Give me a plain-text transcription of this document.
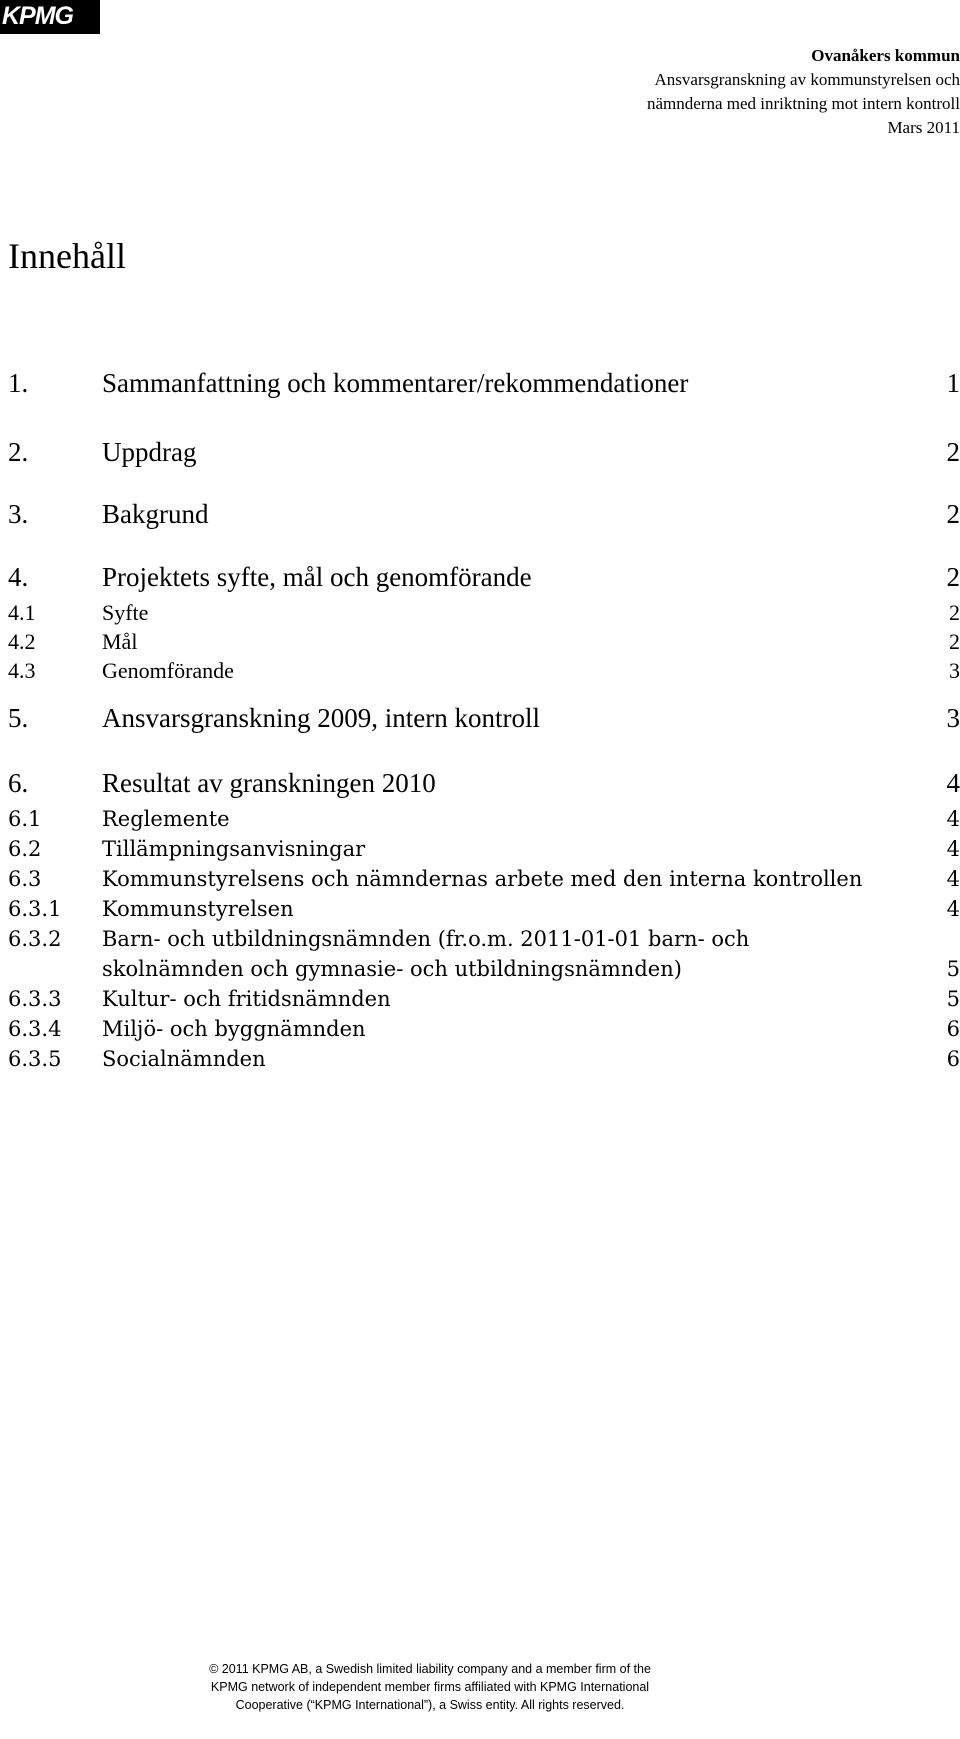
KPMG
Ovanåkers kommun
Ansvarsgranskning av kommunstyrelsen och
nämnderna med inriktning mot intern kontroll
Mars 2011
Innehåll
1.	Sammanfattning och kommentarer/rekommendationer	1
2.	Uppdrag	2
3.	Bakgrund	2
4.	Projektets syfte, mål och genomförande	2
4.1	Syfte	2
4.2	Mål	2
4.3	Genomförande	3
5.	Ansvarsgranskning 2009, intern kontroll	3
6.	Resultat av granskningen 2010	4
6.1	Reglemente	4
6.2	Tillämpningsanvisningar	4
6.3	Kommunstyrelsens och nämndernas arbete med den interna kontrollen	4
6.3.1 Kommunstyrelsen	4
6.3.2 Barn- och utbildningsnämnden (fr.o.m. 2011-01-01 barn- och skolnämnden och gymnasie- och utbildningsnämnden)	5
6.3.3 Kultur- och fritidsnämnden	5
6.3.4 Miljö- och byggnämnden	6
6.3.5 Socialnämnden	6
© 2011 KPMG AB, a Swedish limited liability company and a member firm of the
KPMG network of independent member firms affiliated with KPMG International
Cooperative (“KPMG International”), a Swiss entity. All rights reserved.
